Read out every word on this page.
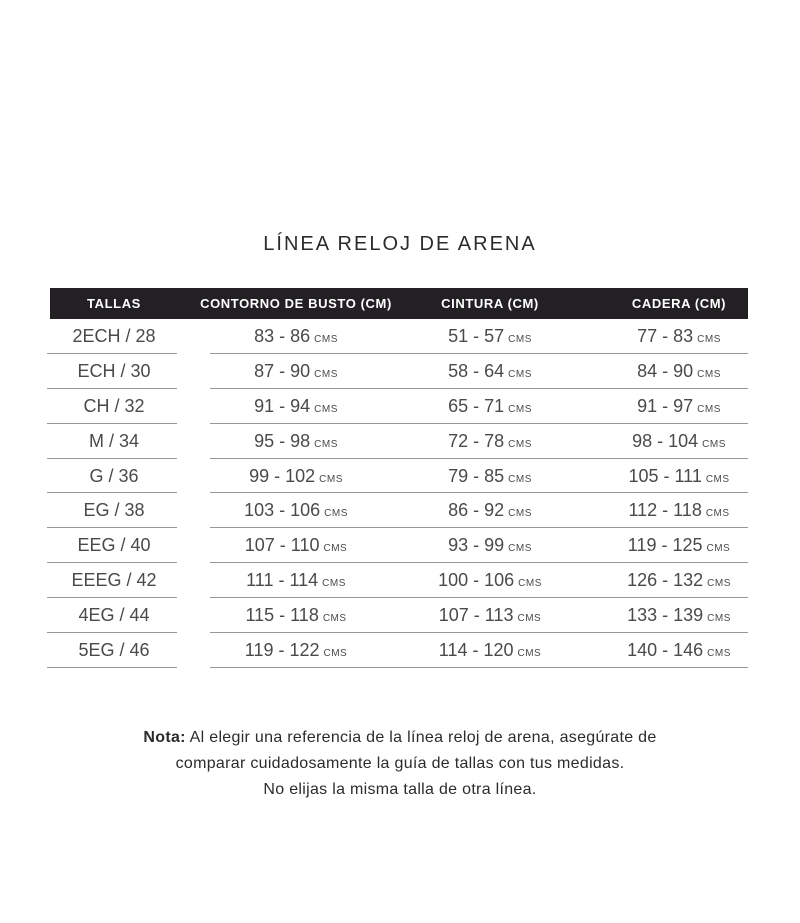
LÍNEA RELOJ DE ARENA
TALLAS	CONTORNO DE BUSTO (CM)	CINTURA (CM)	CADERA (CM)
2ECH / 28	83 - 86 CMS	51 - 57 CMS	77 - 83 CMS
ECH / 30	87 - 90 CMS	58 - 64 CMS	84 - 90 CMS
CH / 32	91 - 94 CMS	65 - 71 CMS	91 - 97 CMS
M / 34	95 - 98 CMS	72 - 78 CMS	98 - 104 CMS
G / 36	99 - 102 CMS	79 - 85 CMS	105 - 111 CMS
EG / 38	103 - 106 CMS	86 - 92 CMS	112 - 118 CMS
EEG / 40	107 - 110 CMS	93 - 99 CMS	119 - 125 CMS
EEEG / 42	111 - 114 CMS	100 - 106 CMS	126 - 132 CMS
4EG / 44	115 - 118 CMS	107 - 113 CMS	133 - 139 CMS
5EG / 46	119 - 122 CMS	114 - 120 CMS	140 - 146 CMS

Nota: Al elegir una referencia de la línea reloj de arena, asegúrate de

comparar cuidadosamente la guía de tallas con tus medidas.

No elijas la misma talla de otra línea.
